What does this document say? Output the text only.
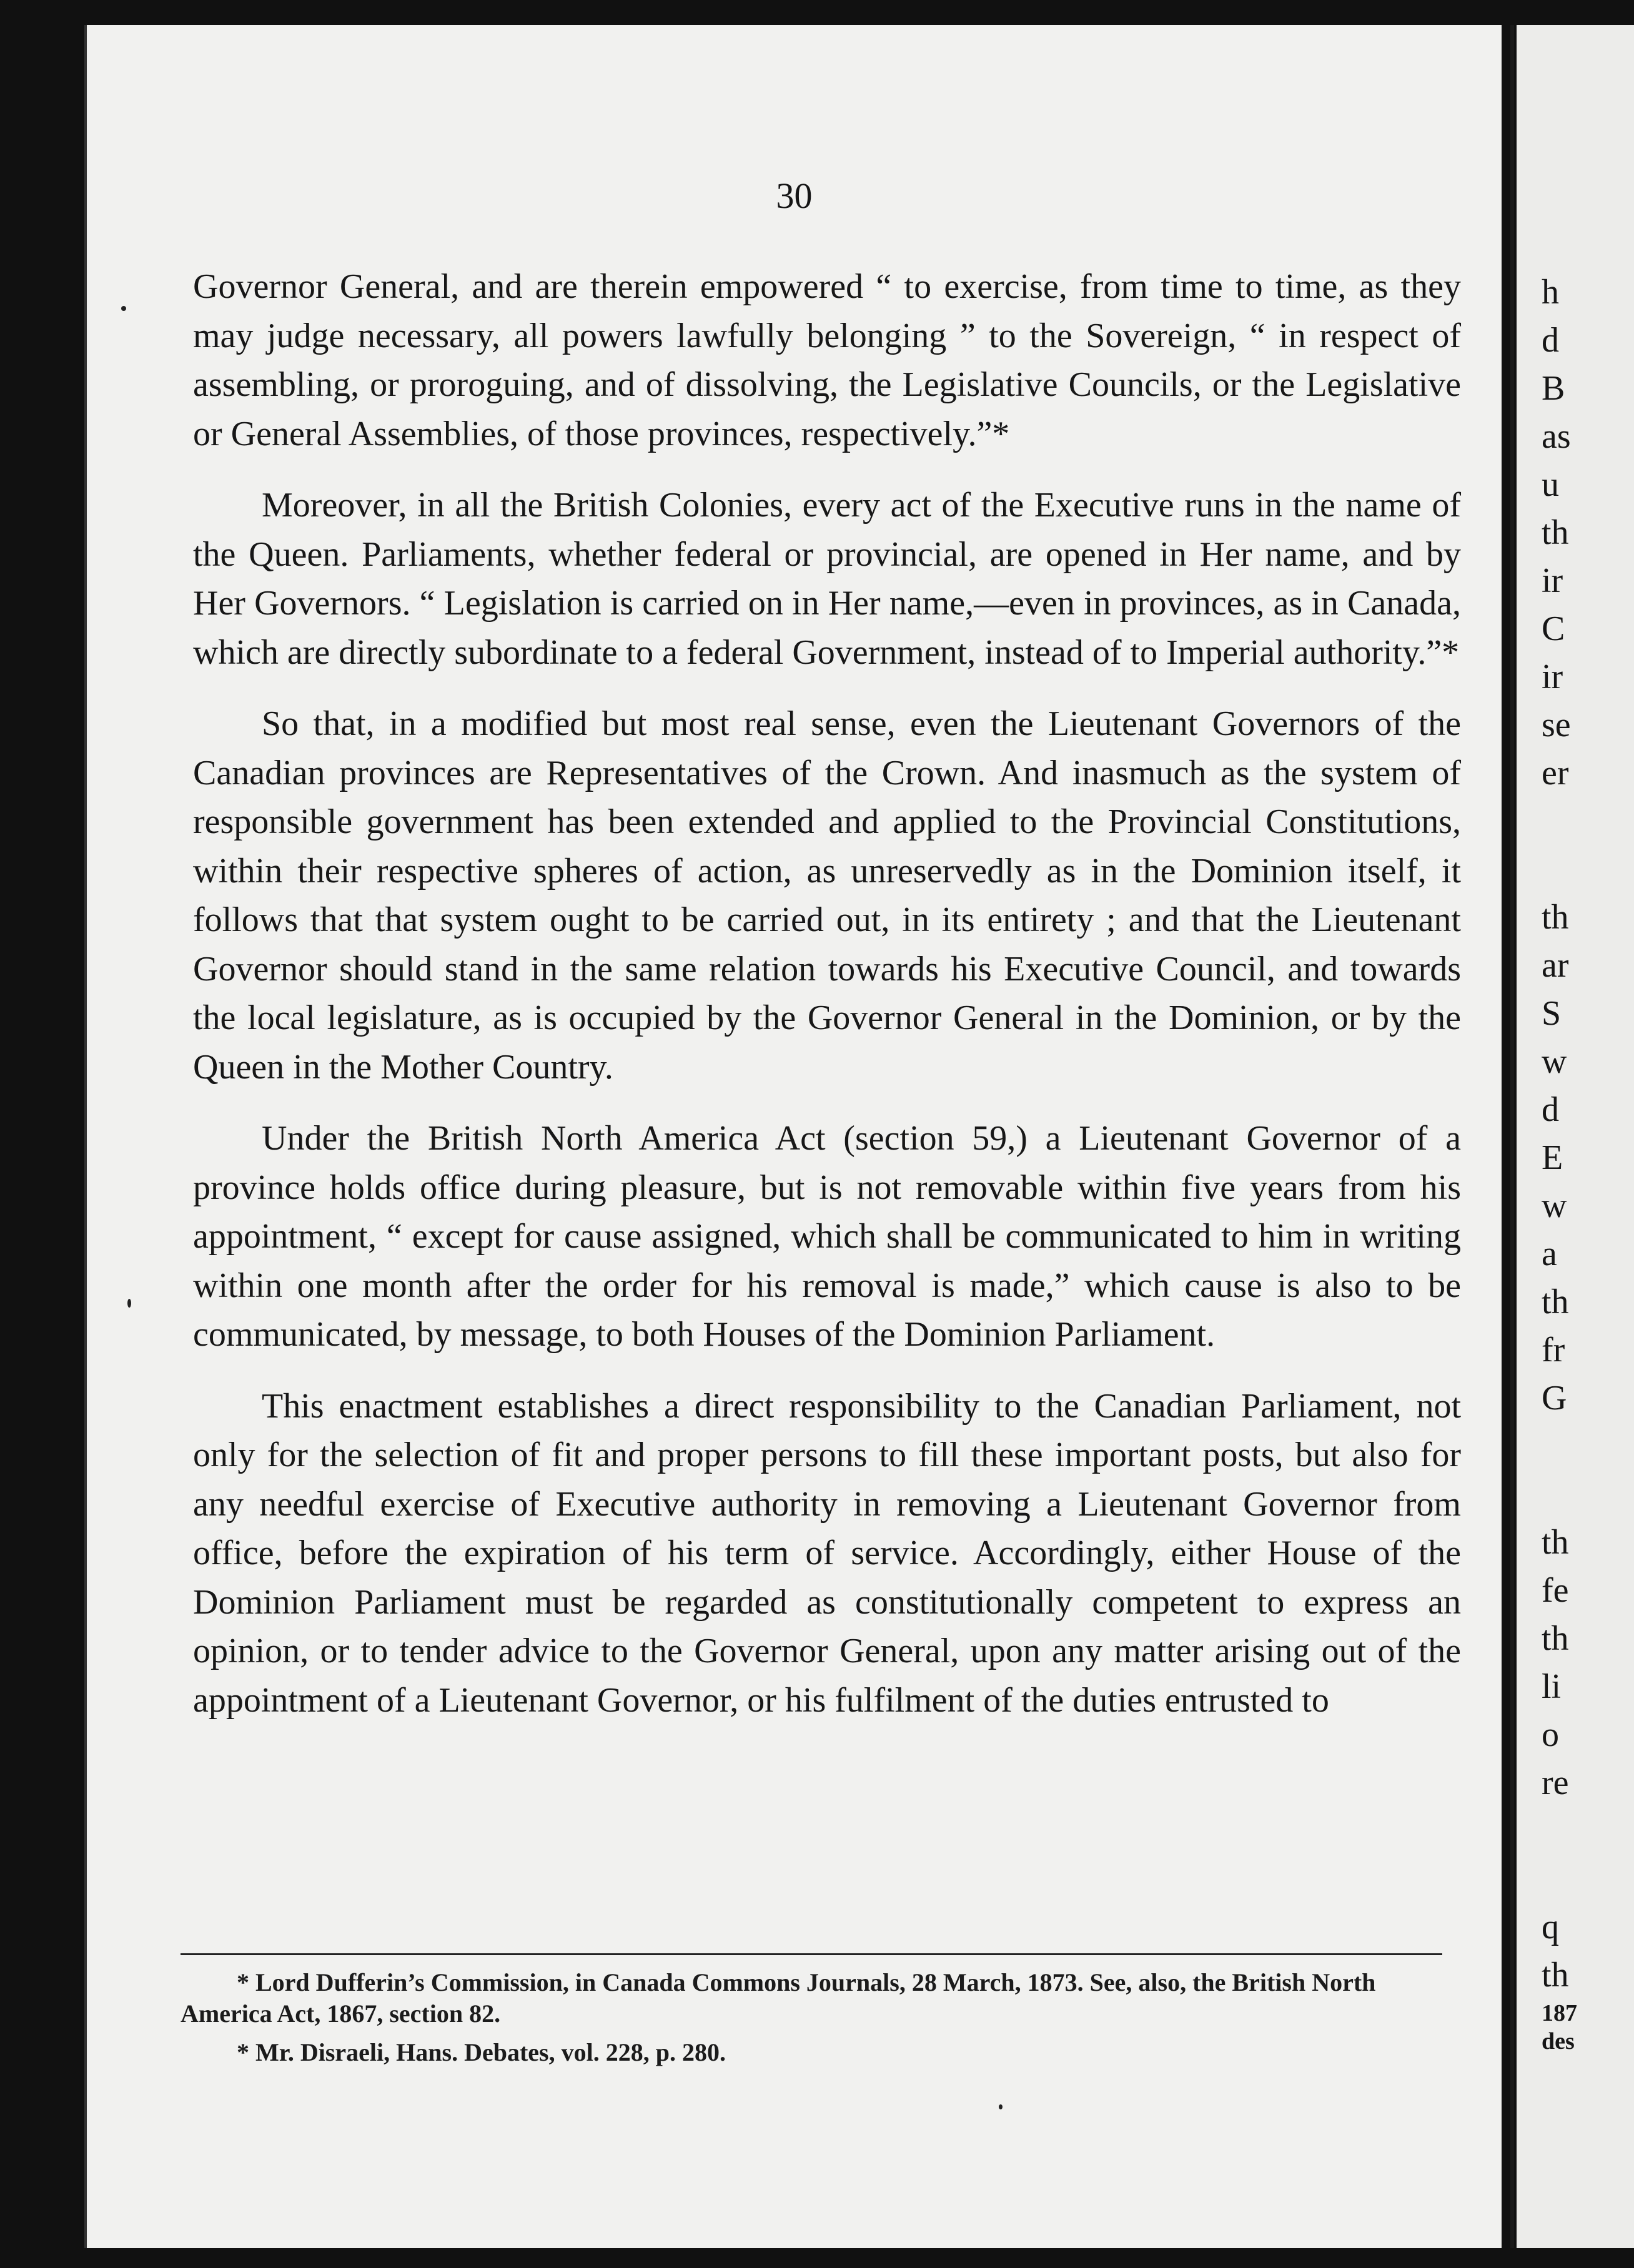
30

Governor General, and are therein empowered “ to exercise, from time to time, as they may judge necessary, all powers lawfully belonging ” to the Sovereign, “ in respect of assembling, or proroguing, and of dissolving, the Legislative Councils, or the Legislative or General Assemblies, of those provinces, respectively.”*

Moreover, in all the British Colonies, every act of the Executive runs in the name of the Queen. Parliaments, whether federal or provincial, are opened in Her name, and by Her Governors. “ Legislation is carried on in Her name,—even in provinces, as in Canada, which are directly subordinate to a federal Government, instead of to Imperial authority.”*

So that, in a modified but most real sense, even the Lieutenant Governors of the Canadian provinces are Representatives of the Crown. And inasmuch as the system of responsible government has been extended and applied to the Provincial Constitutions, within their respective spheres of action, as unreservedly as in the Dominion itself, it follows that that system ought to be carried out, in its entirety ; and that the Lieutenant Governor should stand in the same relation towards his Executive Council, and towards the local legislature, as is occupied by the Governor General in the Dominion, or by the Queen in the Mother Country.

Under the British North America Act (section 59,) a Lieutenant Governor of a province holds office during pleasure, but is not removable within five years from his appointment, “ except for cause assigned, which shall be communicated to him in writing within one month after the order for his removal is made,” which cause is also to be communicated, by message, to both Houses of the Dominion Parliament.

This enactment establishes a direct responsibility to the Canadian Parliament, not only for the selection of fit and proper persons to fill these important posts, but also for any needful exercise of Executive authority in removing a Lieutenant Governor from office, before the expiration of his term of service. Accordingly, either House of the Dominion Parliament must be regarded as constitutionally competent to express an opinion, or to tender advice to the Governor General, upon any matter arising out of the appointment of a Lieutenant Governor, or his fulfilment of the duties entrusted to

* Lord Dufferin’s Commission, in Canada Commons Journals, 28 March, 1873. See, also, the British North America Act, 1867, section 82.

* Mr. Disraeli, Hans. Debates, vol. 228, p. 280.

h
d
B
as
u
th
ir
C
ir
se
er
th
ar
S
w
d
E
w
a
th
fr
G
th
fe
th
li
o
re
q
th
187
des
